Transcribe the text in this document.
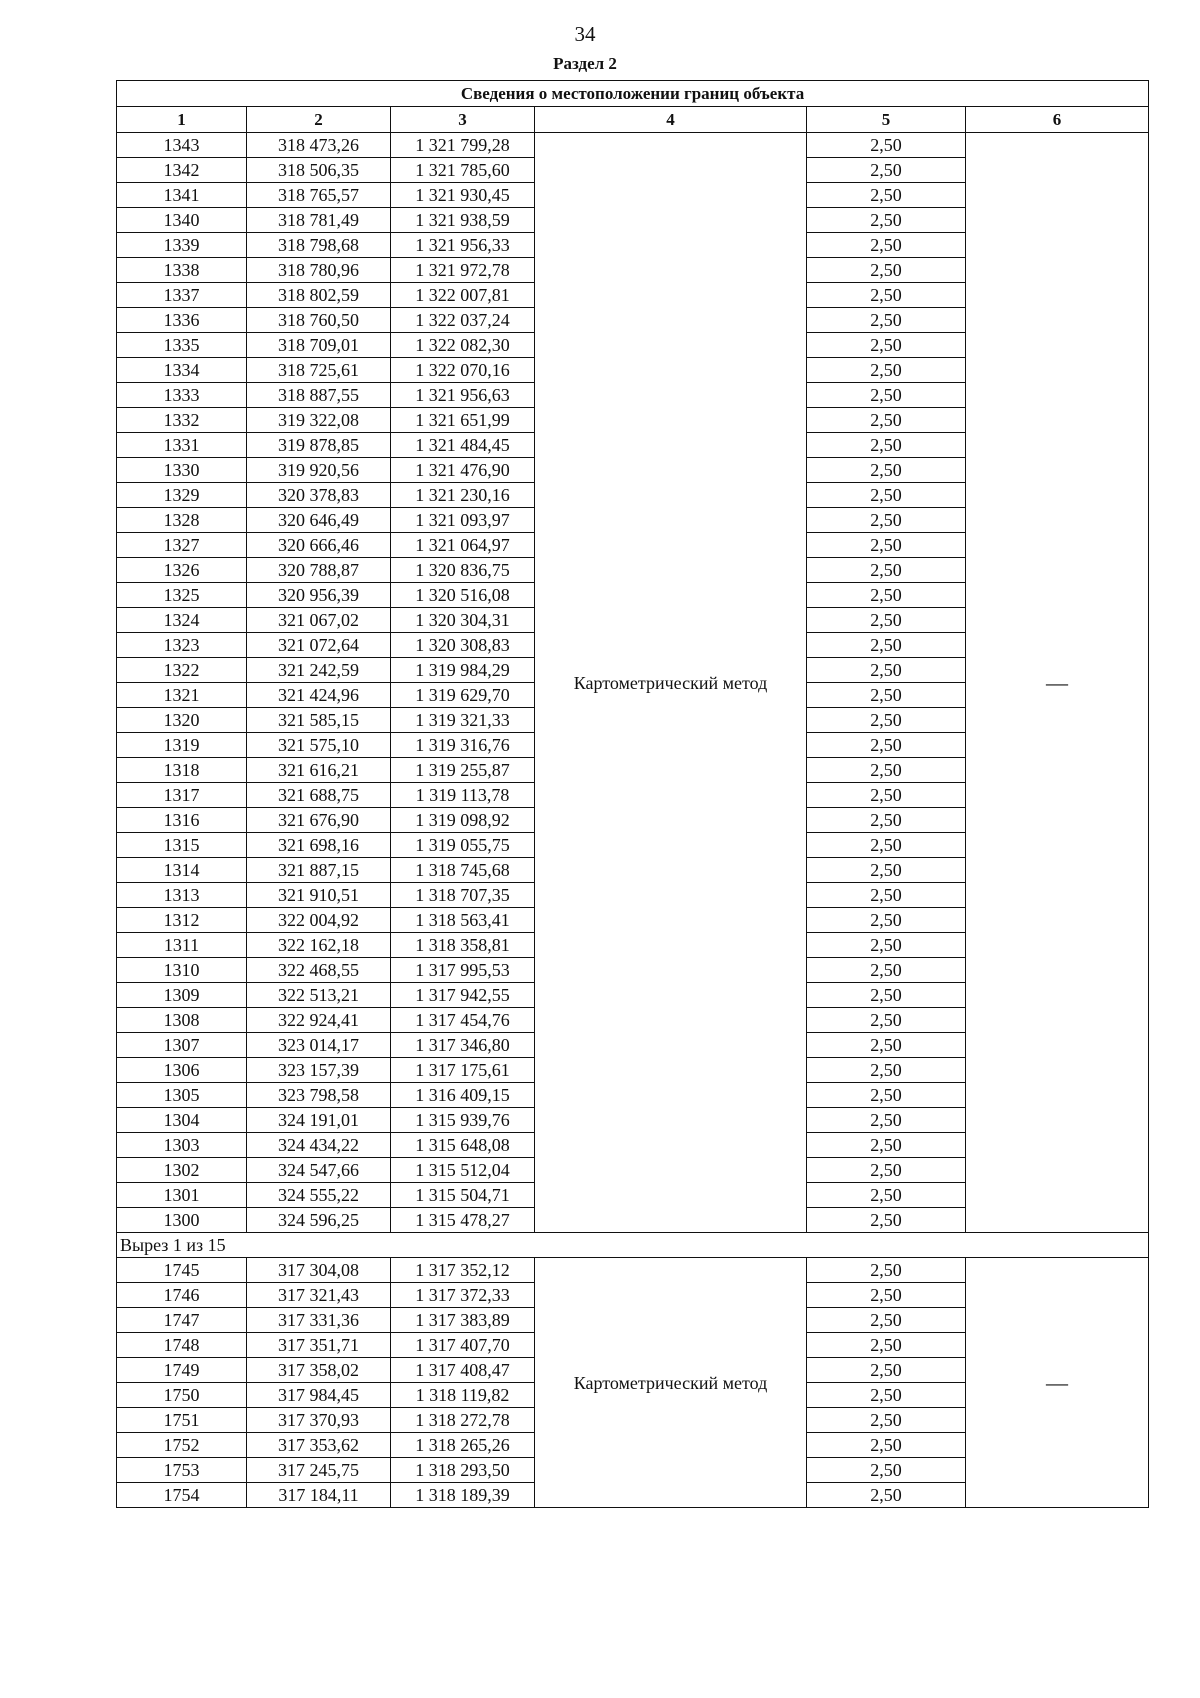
34
Раздел 2
Сведения о местоположении границ объекта					
1	2	3	4	5	6
1343	318 473,26	1 321 799,28	Картометрический метод	2,50	—
1342	318 506,35	1 321 785,60		2,50	
1341	318 765,57	1 321 930,45		2,50	
1340	318 781,49	1 321 938,59		2,50	
1339	318 798,68	1 321 956,33		2,50	
1338	318 780,96	1 321 972,78		2,50	
1337	318 802,59	1 322 007,81		2,50	
1336	318 760,50	1 322 037,24		2,50	
1335	318 709,01	1 322 082,30		2,50	
1334	318 725,61	1 322 070,16		2,50	
1333	318 887,55	1 321 956,63		2,50	
1332	319 322,08	1 321 651,99		2,50	
1331	319 878,85	1 321 484,45		2,50	
1330	319 920,56	1 321 476,90		2,50	
1329	320 378,83	1 321 230,16		2,50	
1328	320 646,49	1 321 093,97		2,50	
1327	320 666,46	1 321 064,97		2,50	
1326	320 788,87	1 320 836,75		2,50	
1325	320 956,39	1 320 516,08		2,50	
1324	321 067,02	1 320 304,31		2,50	
1323	321 072,64	1 320 308,83		2,50	
1322	321 242,59	1 319 984,29		2,50	
1321	321 424,96	1 319 629,70		2,50	
1320	321 585,15	1 319 321,33		2,50	
1319	321 575,10	1 319 316,76		2,50	
1318	321 616,21	1 319 255,87		2,50	
1317	321 688,75	1 319 113,78		2,50	
1316	321 676,90	1 319 098,92		2,50	
1315	321 698,16	1 319 055,75		2,50	
1314	321 887,15	1 318 745,68		2,50	
1313	321 910,51	1 318 707,35		2,50	
1312	322 004,92	1 318 563,41		2,50	
1311	322 162,18	1 318 358,81		2,50	
1310	322 468,55	1 317 995,53		2,50	
1309	322 513,21	1 317 942,55		2,50	
1308	322 924,41	1 317 454,76		2,50	
1307	323 014,17	1 317 346,80		2,50	
1306	323 157,39	1 317 175,61		2,50	
1305	323 798,58	1 316 409,15		2,50	
1304	324 191,01	1 315 939,76		2,50	
1303	324 434,22	1 315 648,08		2,50	
1302	324 547,66	1 315 512,04		2,50	
1301	324 555,22	1 315 504,71		2,50	
1300	324 596,25	1 315 478,27		2,50	
Вырез 1 из 15					
1745	317 304,08	1 317 352,12	Картометрический метод	2,50	—
1746	317 321,43	1 317 372,33		2,50	
1747	317 331,36	1 317 383,89		2,50	
1748	317 351,71	1 317 407,70		2,50	
1749	317 358,02	1 317 408,47		2,50	
1750	317 984,45	1 318 119,82		2,50	
1751	317 370,93	1 318 272,78		2,50	
1752	317 353,62	1 318 265,26		2,50	
1753	317 245,75	1 318 293,50		2,50	
1754	317 184,11	1 318 189,39		2,50	
